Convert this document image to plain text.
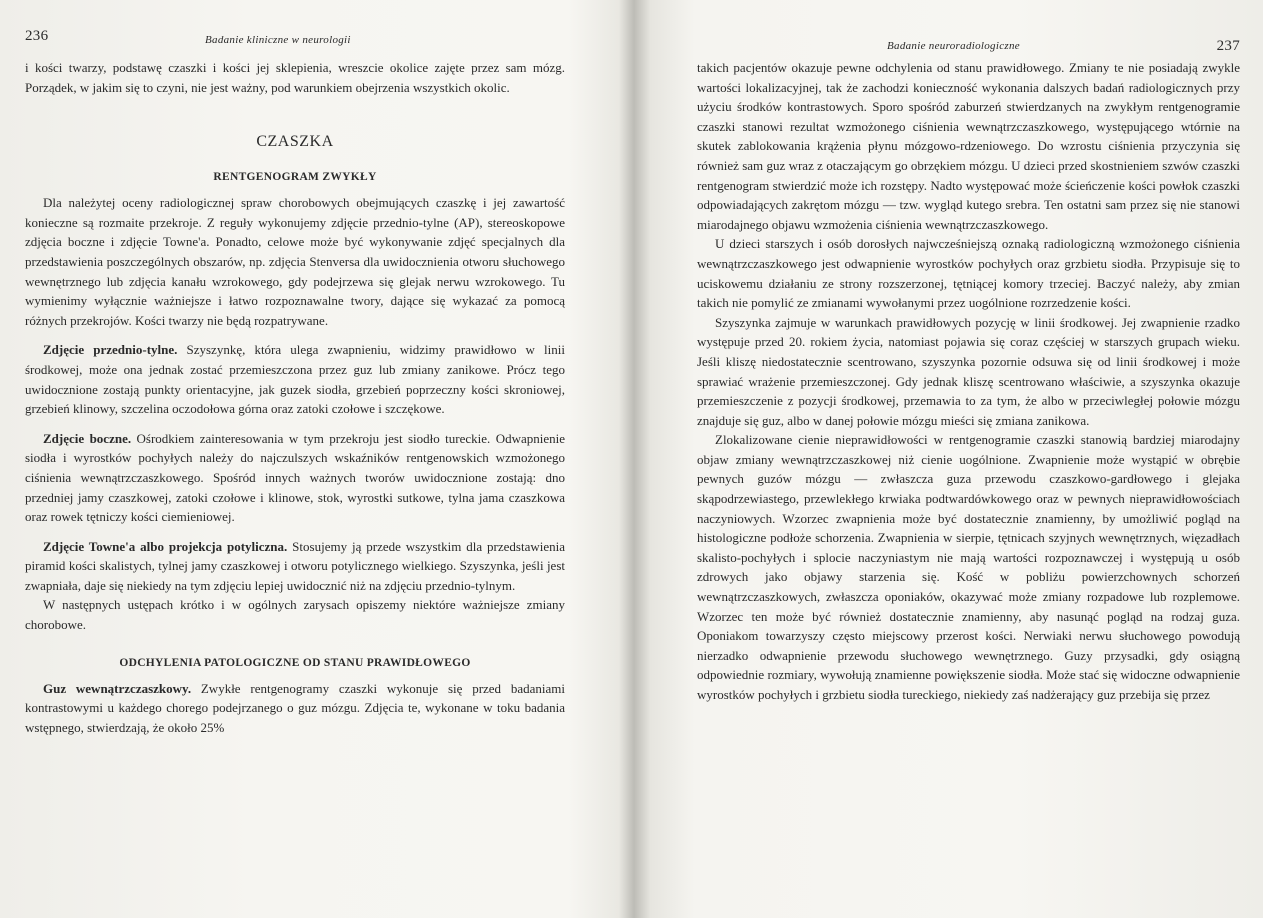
236	Badanie kliniczne w neurologii

i kości twarzy, podstawę czaszki i kości jej sklepienia, wreszcie okolice zajęte przez sam mózg. Porządek, w jakim się to czyni, nie jest ważny, pod warunkiem obejrzenia wszystkich okolic.

CZASZKA
RENTGENOGRAM ZWYKŁY

Dla należytej oceny radiologicznej spraw chorobowych obejmujących czaszkę i jej zawartość konieczne są rozmaite przekroje. Z reguły wykonujemy zdjęcie przednio-tylne (AP), stereoskopowe zdjęcia boczne i zdjęcie Towne'a. Ponadto, celowe może być wykonywanie zdjęć specjalnych dla przedstawienia poszczególnych obszarów, np. zdjęcia Stenversa dla uwidocznienia otworu słuchowego wewnętrznego lub zdjęcia kanału wzrokowego, gdy podejrzewa się glejak nerwu wzrokowego. Tu wymienimy wyłącznie ważniejsze i łatwo rozpoznawalne twory, dające się wykazać za pomocą różnych przekrojów. Kości twarzy nie będą rozpatrywane.

Zdjęcie przednio-tylne. Szyszynkę, która ulega zwapnieniu, widzimy prawidłowo w linii środkowej, może ona jednak zostać przemieszczona przez guz lub zmiany zanikowe. Prócz tego uwidocznione zostają punkty orientacyjne, jak guzek siodła, grzebień poprzeczny kości skroniowej, grzebień klinowy, szczelina oczodołowa górna oraz zatoki czołowe i szczękowe.

Zdjęcie boczne. Ośrodkiem zainteresowania w tym przekroju jest siodło tureckie. Odwapnienie siodła i wyrostków pochyłych należy do najczulszych wskaźników rentgenowskich wzmożonego ciśnienia wewnątrzczaszkowego. Spośród innych ważnych tworów uwidocznione zostają: dno przedniej jamy czaszkowej, zatoki czołowe i klinowe, stok, wyrostki sutkowe, tylna jama czaszkowa oraz rowek tętniczy kości ciemieniowej.

Zdjęcie Towne'a albo projekcja potyliczna. Stosujemy ją przede wszystkim dla przedstawienia piramid kości skalistych, tylnej jamy czaszkowej i otworu potylicznego wielkiego. Szyszynka, jeśli jest zwapniała, daje się niekiedy na tym zdjęciu lepiej uwidocznić niż na zdjęciu przednio-tylnym.

W następnych ustępach krótko i w ogólnych zarysach opiszemy niektóre ważniejsze zmiany chorobowe.

ODCHYLENIA PATOLOGICZNE OD STANU PRAWIDŁOWEGO

Guz wewnątrzczaszkowy. Zwykłe rentgenogramy czaszki wykonuje się przed badaniami kontrastowymi u każdego chorego podejrzanego o guz mózgu. Zdjęcia te, wykonane w toku badania wstępnego, stwierdzają, że około 25%

Badanie neuroradiologiczne	237

takich pacjentów okazuje pewne odchylenia od stanu prawidłowego. Zmiany te nie posiadają zwykle wartości lokalizacyjnej, tak że zachodzi konieczność wykonania dalszych badań radiologicznych przy użyciu środków kontrastowych. Sporo spośród zaburzeń stwierdzanych na zwykłym rentgenogramie czaszki stanowi rezultat wzmożonego ciśnienia wewnątrzczaszkowego, występującego wtórnie na skutek zablokowania krążenia płynu mózgowo-rdzeniowego. Do wzrostu ciśnienia przyczynia się również sam guz wraz z otaczającym go obrzękiem mózgu. U dzieci przed skostnieniem szwów czaszki rentgenogram stwierdzić może ich rozstępy. Nadto występować może ścieńczenie kości powłok czaszki odpowiadających zakrętom mózgu — tzw. wygląd kutego srebra. Ten ostatni sam przez się nie stanowi miarodajnego objawu wzmożenia ciśnienia wewnątrzczaszkowego.

U dzieci starszych i osób dorosłych najwcześniejszą oznaką radiologiczną wzmożonego ciśnienia wewnątrzczaszkowego jest odwapnienie wyrostków pochyłych oraz grzbietu siodła. Przypisuje się to uciskowemu działaniu ze strony rozszerzonej, tętniącej komory trzeciej. Baczyć należy, aby zmian takich nie pomylić ze zmianami wywołanymi przez uogólnione rozrzedzenie kości.

Szyszynka zajmuje w warunkach prawidłowych pozycję w linii środkowej. Jej zwapnienie rzadko występuje przed 20. rokiem życia, natomiast pojawia się coraz częściej w starszych grupach wieku. Jeśli kliszę niedostatecznie scentrowano, szyszynka pozornie odsuwa się od linii środkowej i może sprawiać wrażenie przemieszczonej. Gdy jednak kliszę scentrowano właściwie, a szyszynka okazuje przemieszczenie z pozycji środkowej, przemawia to za tym, że albo w przeciwległej połowie mózgu znajduje się guz, albo w danej połowie mózgu mieści się zmiana zanikowa.

Zlokalizowane cienie nieprawidłowości w rentgenogramie czaszki stanowią bardziej miarodajny objaw zmiany wewnątrzczaszkowej niż cienie uogólnione. Zwapnienie może wystąpić w obrębie pewnych guzów mózgu — zwłaszcza guza przewodu czaszkowo-gardłowego i glejaka skąpodrzewiastego, przewlekłego krwiaka podtwardówkowego oraz w pewnych nieprawidłowościach naczyniowych. Wzorzec zwapnienia może być dostatecznie znamienny, by umożliwić pogląd na histologiczne podłoże schorzenia. Zwapnienia w sierpie, tętnicach szyjnych wewnętrznych, więzadłach skalisto-pochyłych i splocie naczyniastym nie mają wartości rozpoznawczej i występują u osób zdrowych jako objawy starzenia się. Kość w pobliżu powierzchownych schorzeń wewnątrzczaszkowych, zwłaszcza oponiaków, okazywać może zmiany rozpadowe lub rozplemowe. Wzorzec ten może być również dostatecznie znamienny, aby nasunąć pogląd na rodzaj guza. Oponiakom towarzyszy często miejscowy przerost kości. Nerwiaki nerwu słuchowego powodują nierzadko odwapnienie przewodu słuchowego wewnętrznego. Guzy przysadki, gdy osiągną odpowiednie rozmiary, wywołują znamienne powiększenie siodła. Może stać się widoczne odwapnienie wyrostków pochyłych i grzbietu siodła tureckiego, niekiedy zaś nadżerający guz przebija się przez
